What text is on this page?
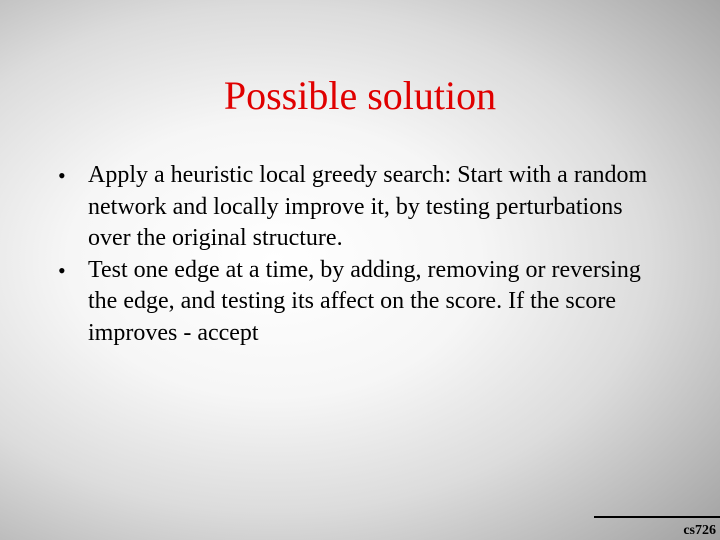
Possible solution
• Apply a heuristic local greedy search: Start with a random network and locally improve it, by testing perturbations over the original structure.
• Test one edge at a time, by adding, removing or reversing the edge, and testing its affect on the score. If the score improves - accept
cs726
